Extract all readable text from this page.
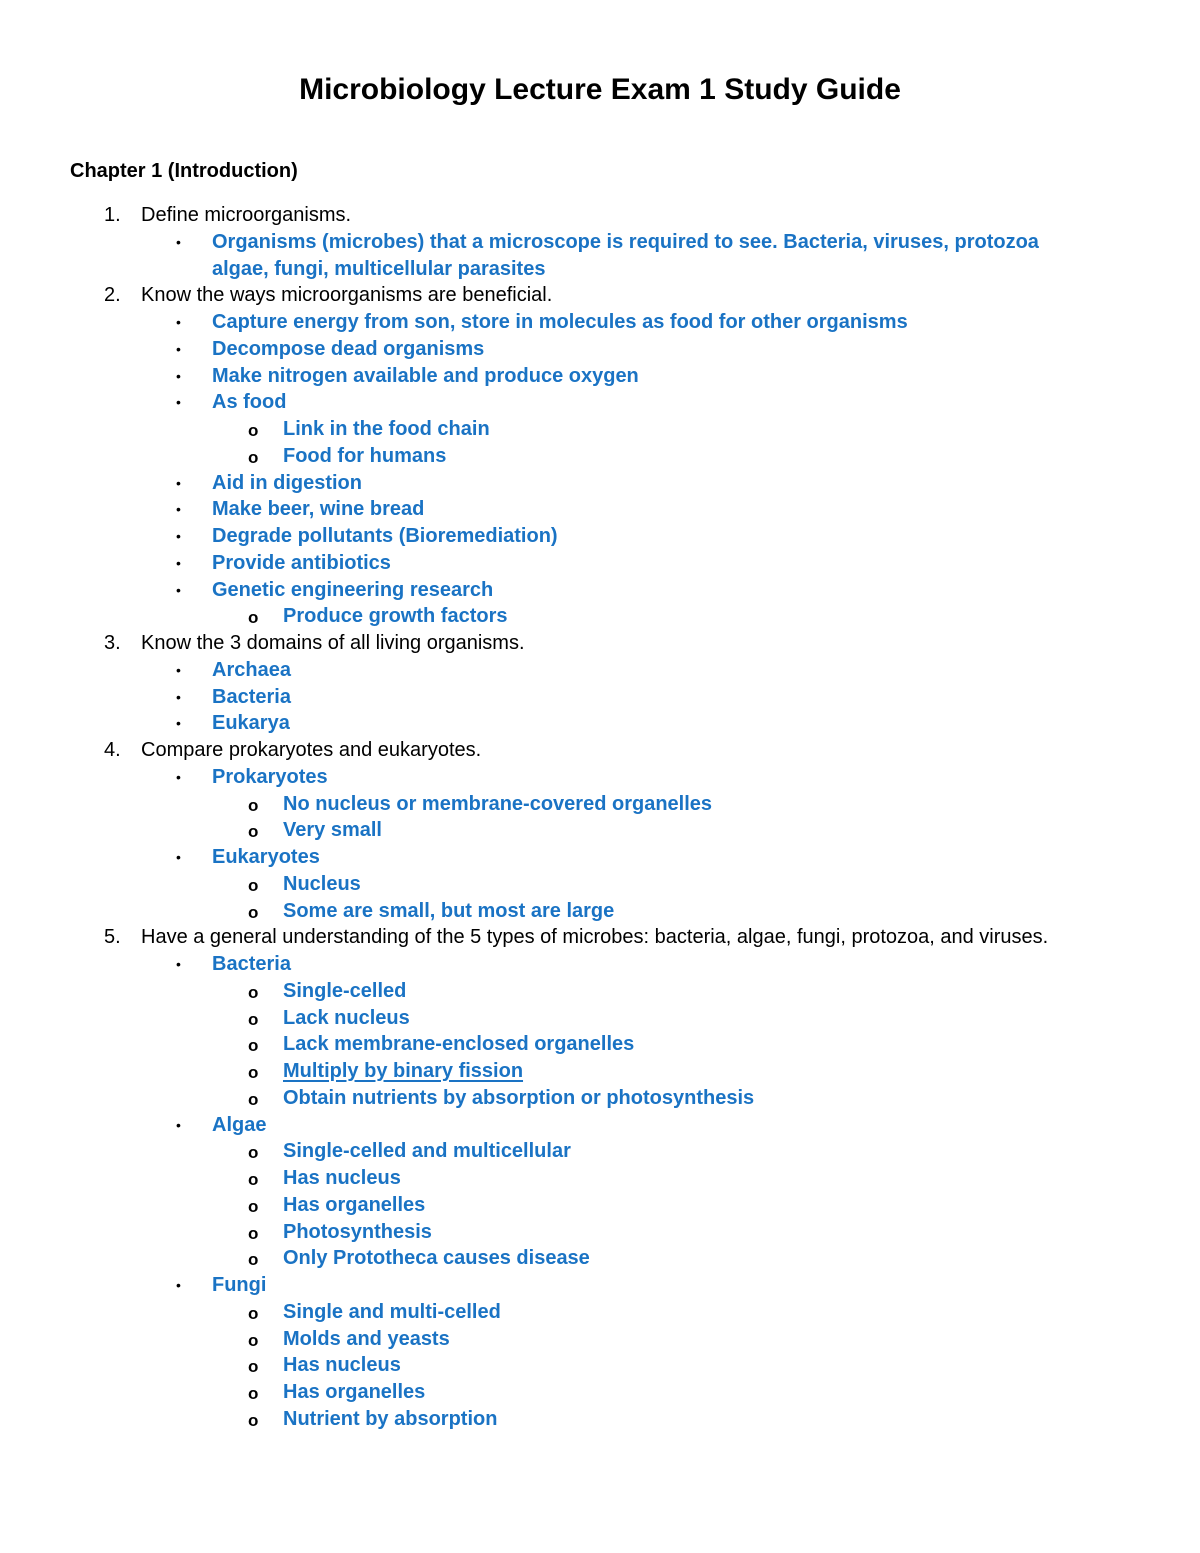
Microbiology Lecture Exam 1 Study Guide
Chapter 1 (Introduction)
1. Define microorganisms.
• Organisms (microbes) that a microscope is required to see. Bacteria, viruses, protozoa
algae, fungi, multicellular parasites
2. Know the ways microorganisms are beneficial.
• Capture energy from son, store in molecules as food for other organisms
• Decompose dead organisms
• Make nitrogen available and produce oxygen
• As food
o Link in the food chain
o Food for humans
• Aid in digestion
• Make beer, wine bread
• Degrade pollutants (Bioremediation)
• Provide antibiotics
• Genetic engineering research
o Produce growth factors
3. Know the 3 domains of all living organisms.
• Archaea
• Bacteria
• Eukarya
4. Compare prokaryotes and eukaryotes.
• Prokaryotes
o No nucleus or membrane-covered organelles
o Very small
• Eukaryotes
o Nucleus
o Some are small, but most are large
5. Have a general understanding of the 5 types of microbes: bacteria, algae, fungi, protozoa, and viruses.
• Bacteria
o Single-celled
o Lack nucleus
o Lack membrane-enclosed organelles
o Multiply by binary fission
o Obtain nutrients by absorption or photosynthesis
• Algae
o Single-celled and multicellular
o Has nucleus
o Has organelles
o Photosynthesis
o Only Prototheca causes disease
• Fungi
o Single and multi-celled
o Molds and yeasts
o Has nucleus
o Has organelles
o Nutrient by absorption
